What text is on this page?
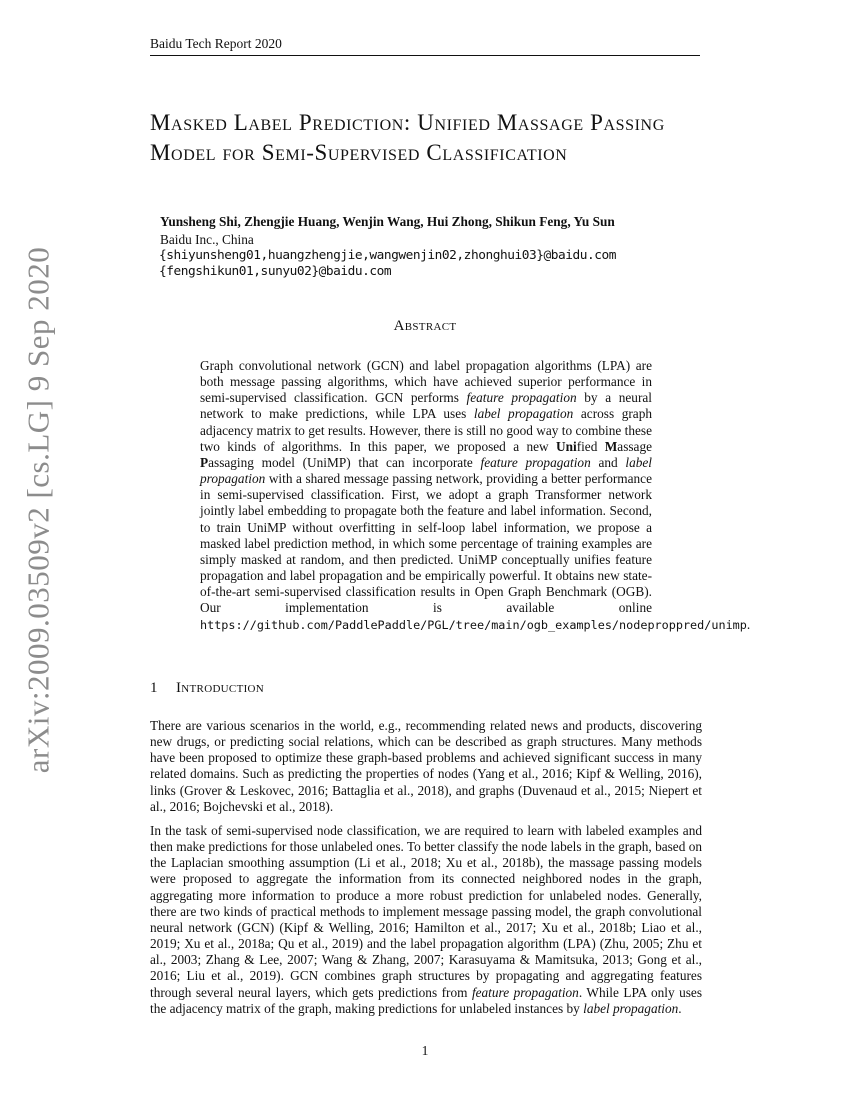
Baidu Tech Report 2020
arXiv:2009.03509v2 [cs.LG] 9 Sep 2020
Masked Label Prediction: Unified Massage Passing Model for Semi-Supervised Classification
Yunsheng Shi, Zhengjie Huang, Wenjin Wang, Hui Zhong, Shikun Feng, Yu Sun
Baidu Inc., China
{shiyunsheng01,huangzhengjie,wangwenjin02,zhonghui03}@baidu.com
{fengshikun01,sunyu02}@baidu.com
Abstract
Graph convolutional network (GCN) and label propagation algorithms (LPA) are both message passing algorithms, which have achieved superior performance in semi-supervised classification. GCN performs feature propagation by a neural network to make predictions, while LPA uses label propagation across graph adjacency matrix to get results. However, there is still no good way to combine these two kinds of algorithms. In this paper, we proposed a new Unified Massage Passaging model (UniMP) that can incorporate feature propagation and label propagation with a shared message passing network, providing a better performance in semi-supervised classification. First, we adopt a graph Transformer network jointly label embedding to propagate both the feature and label information. Second, to train UniMP without overfitting in self-loop label information, we propose a masked label prediction method, in which some percentage of training examples are simply masked at random, and then predicted. UniMP conceptually unifies feature propagation and label propagation and be empirically powerful. It obtains new state-of-the-art semi-supervised classification results in Open Graph Benchmark (OGB). Our implementation is available online https://github.com/PaddlePaddle/PGL/tree/main/ogb_examples/nodeproppred/unimp.
1 Introduction
There are various scenarios in the world, e.g., recommending related news and products, discovering new drugs, or predicting social relations, which can be described as graph structures. Many methods have been proposed to optimize these graph-based problems and achieved significant success in many related domains. Such as predicting the properties of nodes (Yang et al., 2016; Kipf & Welling, 2016), links (Grover & Leskovec, 2016; Battaglia et al., 2018), and graphs (Duvenaud et al., 2015; Niepert et al., 2016; Bojchevski et al., 2018).
In the task of semi-supervised node classification, we are required to learn with labeled examples and then make predictions for those unlabeled ones. To better classify the node labels in the graph, based on the Laplacian smoothing assumption (Li et al., 2018; Xu et al., 2018b), the massage passing models were proposed to aggregate the information from its connected neighbored nodes in the graph, aggregating more information to produce a more robust prediction for unlabeled nodes. Generally, there are two kinds of practical methods to implement message passing model, the graph convolutional neural network (GCN) (Kipf & Welling, 2016; Hamilton et al., 2017; Xu et al., 2018b; Liao et al., 2019; Xu et al., 2018a; Qu et al., 2019) and the label propagation algorithm (LPA) (Zhu, 2005; Zhu et al., 2003; Zhang & Lee, 2007; Wang & Zhang, 2007; Karasuyama & Mamitsuka, 2013; Gong et al., 2016; Liu et al., 2019). GCN combines graph structures by propagating and aggregating features through several neural layers, which gets predictions from feature propagation. While LPA only uses the adjacency matrix of the graph, making predictions for unlabeled instances by label propagation.
1
